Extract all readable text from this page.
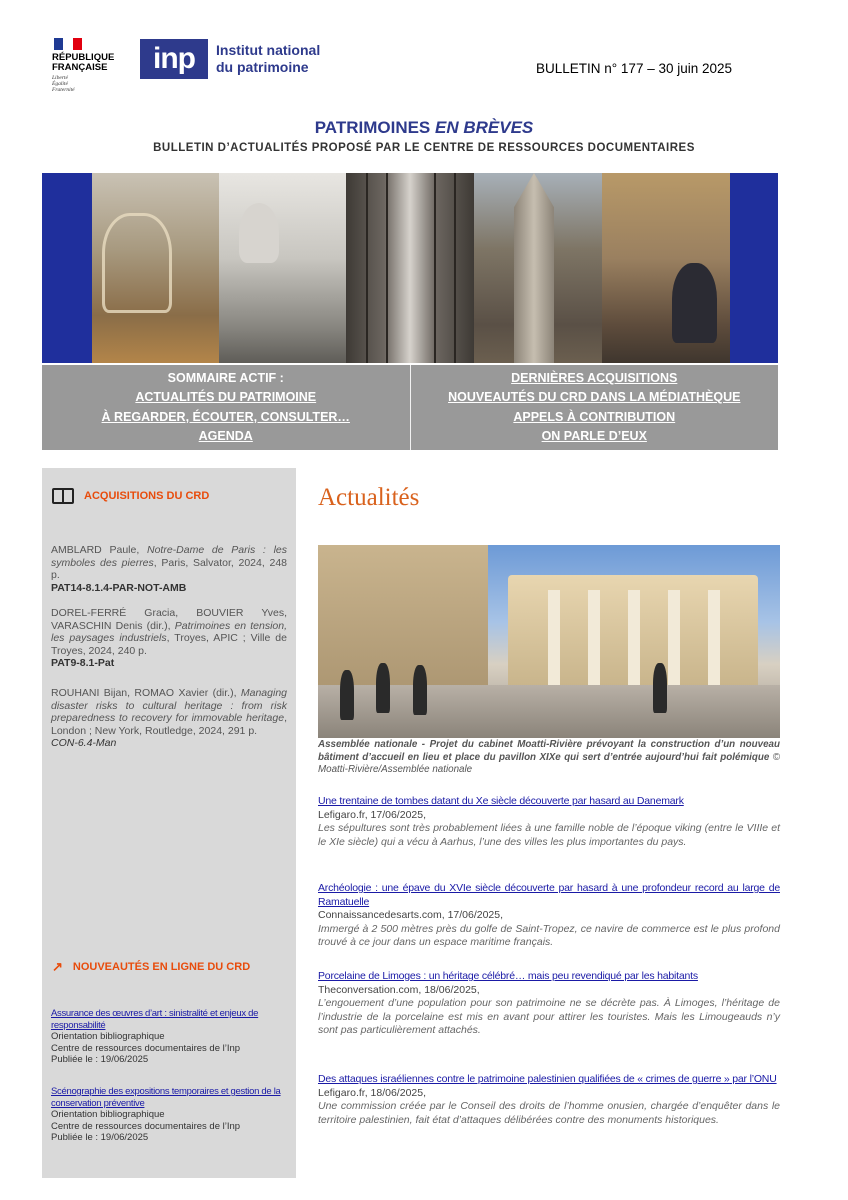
RÉPUBLIQUE
FRANÇAISE
Liberté
Égalité
Fraternité
inp	Institut national
du patrimoine	BULLETIN n° 177 – 30 juin 2025
PATRIMOINES EN BRÈVES
BULLETIN D’ACTUALITÉS PROPOSÉ PAR LE CENTRE DE RESSOURCES DOCUMENTAIRES
SOMMAIRE ACTIF :
ACTUALITÉS DU PATRIMOINE
À REGARDER, ÉCOUTER, CONSULTER…
AGENDA
DERNIÈRES ACQUISITIONS
NOUVEAUTÉS DU CRD DANS LA MÉDIATHÈQUE
APPELS À CONTRIBUTION
ON PARLE D’EUX
ACQUISITIONS DU CRD
AMBLARD Paule, Notre-Dame de Paris : les symboles des pierres, Paris, Salvator, 2024, 248 p.
PAT14-8.1.4-PAR-NOT-AMB
DOREL-FERRÉ Gracia, BOUVIER Yves, VARASCHIN Denis (dir.), Patrimoines en tension, les paysages industriels, Troyes, APIC ; Ville de Troyes, 2024, 240 p.
PAT9-8.1-Pat
ROUHANI Bijan, ROMAO Xavier (dir.), Managing disaster risks to cultural heritage : from risk preparedness to recovery for immovable heritage, London ; New York, Routledge, 2024, 291 p.
CON-6.4-Man
↗ NOUVEAUTÉS EN LIGNE DU CRD
Assurance des œuvres d’art : sinistralité et enjeux de responsabilité
Orientation bibliographique
Centre de ressources documentaires de l’Inp
Publiée le : 19/06/2025
Scénographie des expositions temporaires et gestion de la conservation préventive
Orientation bibliographique
Centre de ressources documentaires de l’Inp
Publiée le : 19/06/2025
Actualités
Assemblée nationale - Projet du cabinet Moatti-Rivière prévoyant la construction d’un nouveau bâtiment d’accueil en lieu et place du pavillon XIXe qui sert d’entrée aujourd’hui fait polémique © Moatti-Rivière/Assemblée nationale
Une trentaine de tombes datant du Xe siècle découverte par hasard au Danemark
Lefigaro.fr, 17/06/2025,
Les sépultures sont très probablement liées à une famille noble de l’époque viking (entre le VIIIe et le XIe siècle) qui a vécu à Aarhus, l’une des villes les plus importantes du pays.
Archéologie : une épave du XVIe siècle découverte par hasard à une profondeur record au large de Ramatuelle
Connaissancedesarts.com, 17/06/2025,
Immergé à 2 500 mètres près du golfe de Saint-Tropez, ce navire de commerce est le plus profond trouvé à ce jour dans un espace maritime français.
Porcelaine de Limoges : un héritage célébré… mais peu revendiqué par les habitants
Theconversation.com, 18/06/2025,
L’engouement d’une population pour son patrimoine ne se décrète pas. À Limoges, l’héritage de l’industrie de la porcelaine est mis en avant pour attirer les touristes. Mais les Limougeauds n’y sont pas particulièrement attachés.
Des attaques israéliennes contre le patrimoine palestinien qualifiées de « crimes de guerre » par l’ONU
Lefigaro.fr, 18/06/2025,
Une commission créée par le Conseil des droits de l’homme onusien, chargée d’enquêter dans le territoire palestinien, fait état d’attaques délibérées contre des monuments historiques.
